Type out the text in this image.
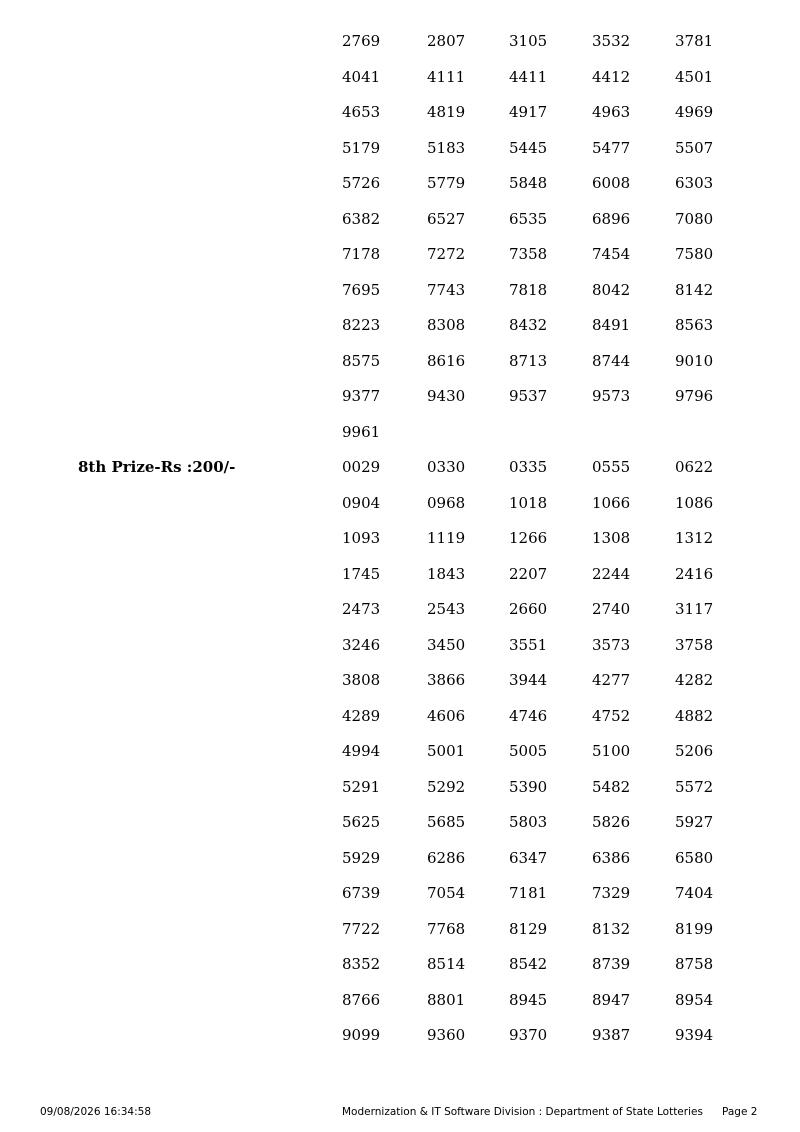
2769	2807	3105	3532	3781
4041	4111	4411	4412	4501
4653	4819	4917	4963	4969
5179	5183	5445	5477	5507
5726	5779	5848	6008	6303
6382	6527	6535	6896	7080
7178	7272	7358	7454	7580
7695	7743	7818	8042	8142
8223	8308	8432	8491	8563
8575	8616	8713	8744	9010
9377	9430	9537	9573	9796
9961
8th Prize-Rs :200/-	0029	0330	0335	0555	0622
0904	0968	1018	1066	1086
1093	1119	1266	1308	1312
1745	1843	2207	2244	2416
2473	2543	2660	2740	3117
3246	3450	3551	3573	3758
3808	3866	3944	4277	4282
4289	4606	4746	4752	4882
4994	5001	5005	5100	5206
5291	5292	5390	5482	5572
5625	5685	5803	5826	5927
5929	6286	6347	6386	6580
6739	7054	7181	7329	7404
7722	7768	8129	8132	8199
8352	8514	8542	8739	8758
8766	8801	8945	8947	8954
9099	9360	9370	9387	9394
09/08/2026 16:34:58	Modernization & IT Software Division : Department of State Lotteries Page 2
